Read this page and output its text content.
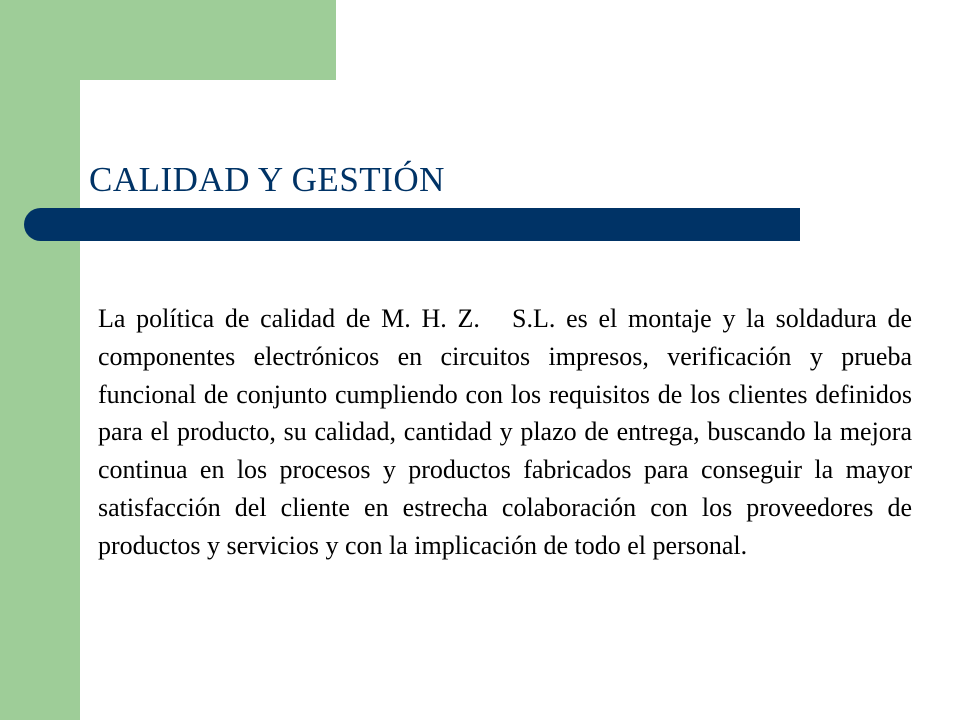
CALIDAD Y GESTIÓN
La política de calidad de M. H. Z.   S.L. es el montaje y la soldadura de componentes electrónicos en circuitos impresos, verificación y prueba funcional de conjunto cumpliendo con los requisitos de los clientes definidos para el producto, su calidad, cantidad y plazo de entrega, buscando la mejora continua en los procesos y productos fabricados para conseguir la mayor satisfacción del cliente en estrecha colaboración con los proveedores de productos y servicios y con la implicación de todo el personal.
